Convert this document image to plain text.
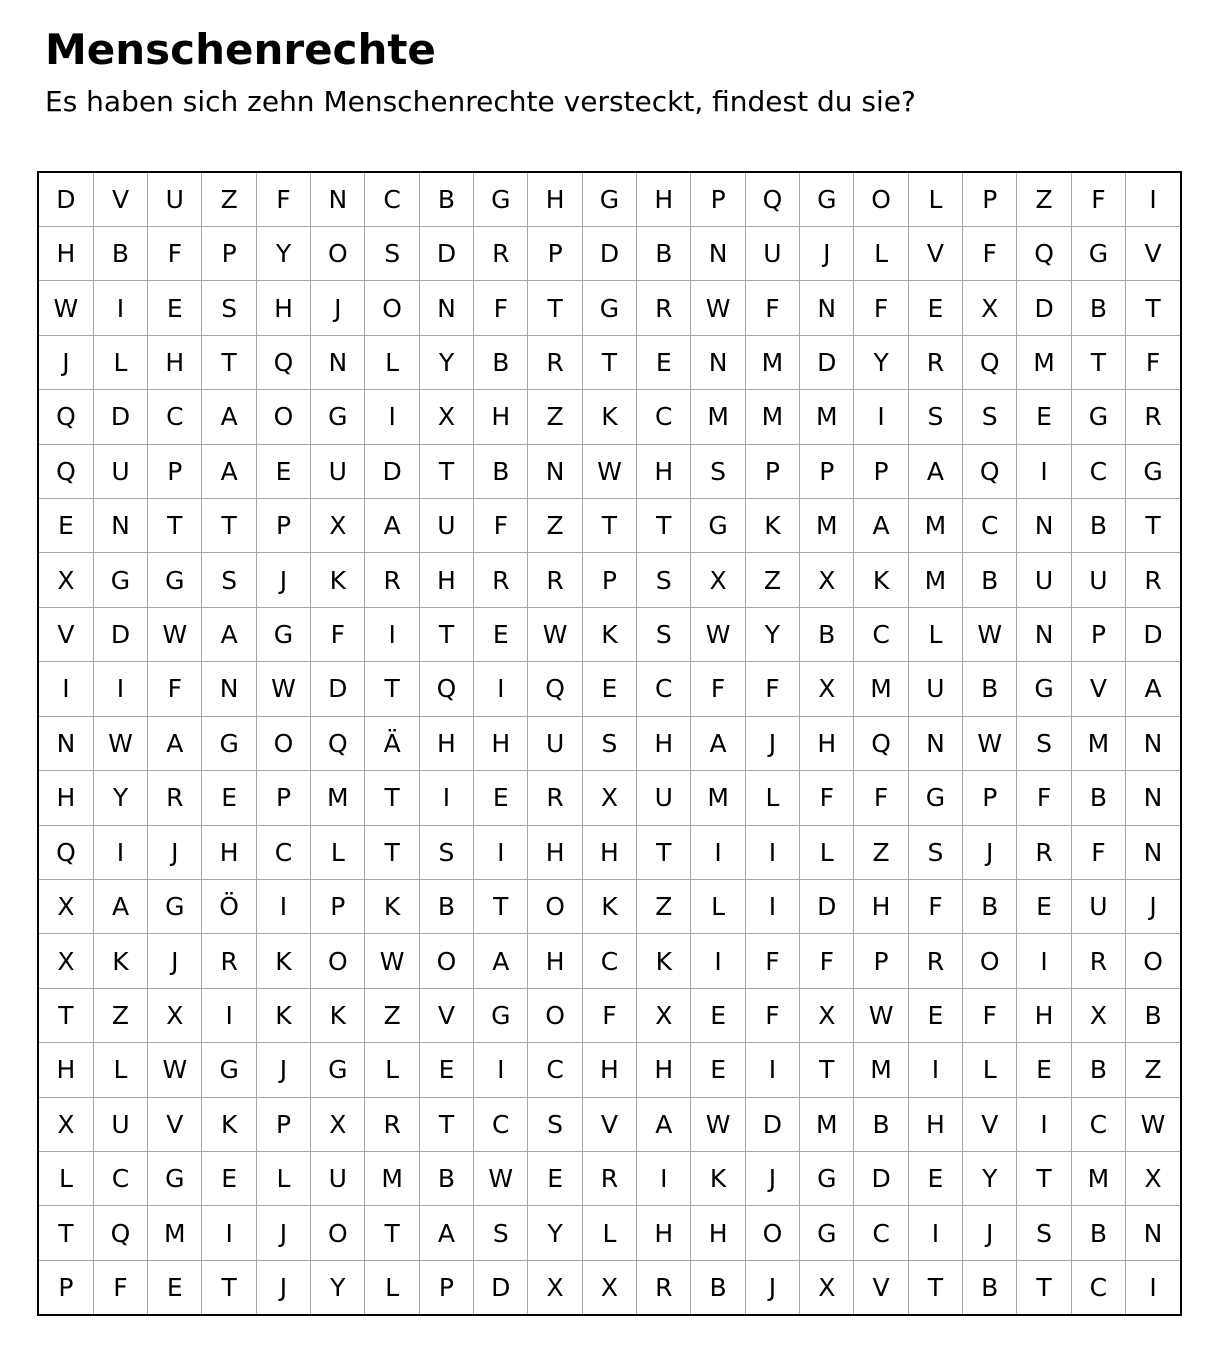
Menschenrechte
Es haben sich zehn Menschenrechte versteckt, findest du sie?
D	V	U	Z	F	N	C	B	G	H	G	H	P	Q	G	O	L	P	Z	F	I
H	B	F	P	Y	O	S	D	R	P	D	B	N	U	J	L	V	F	Q	G	V
W	I	E	S	H	J	O	N	F	T	G	R	W	F	N	F	E	X	D	B	T
J	L	H	T	Q	N	L	Y	B	R	T	E	N	M	D	Y	R	Q	M	T	F
Q	D	C	A	O	G	I	X	H	Z	K	C	M	M	M	I	S	S	E	G	R
Q	U	P	A	E	U	D	T	B	N	W	H	S	P	P	P	A	Q	I	C	G
E	N	T	T	P	X	A	U	F	Z	T	T	G	K	M	A	M	C	N	B	T
X	G	G	S	J	K	R	H	R	R	P	S	X	Z	X	K	M	B	U	U	R
V	D	W	A	G	F	I	T	E	W	K	S	W	Y	B	C	L	W	N	P	D
I	I	F	N	W	D	T	Q	I	Q	E	C	F	F	X	M	U	B	G	V	A
N	W	A	G	O	Q	Ä	H	H	U	S	H	A	J	H	Q	N	W	S	M	N
H	Y	R	E	P	M	T	I	E	R	X	U	M	L	F	F	G	P	F	B	N
Q	I	J	H	C	L	T	S	I	H	H	T	I	I	L	Z	S	J	R	F	N
X	A	G	Ö	I	P	K	B	T	O	K	Z	L	I	D	H	F	B	E	U	J
X	K	J	R	K	O	W	O	A	H	C	K	I	F	F	P	R	O	I	R	O
T	Z	X	I	K	K	Z	V	G	O	F	X	E	F	X	W	E	F	H	X	B
H	L	W	G	J	G	L	E	I	C	H	H	E	I	T	M	I	L	E	B	Z
X	U	V	K	P	X	R	T	C	S	V	A	W	D	M	B	H	V	I	C	W
L	C	G	E	L	U	M	B	W	E	R	I	K	J	G	D	E	Y	T	M	X
T	Q	M	I	J	O	T	A	S	Y	L	H	H	O	G	C	I	J	S	B	N
P	F	E	T	J	Y	L	P	D	X	X	R	B	J	X	V	T	B	T	C	I
